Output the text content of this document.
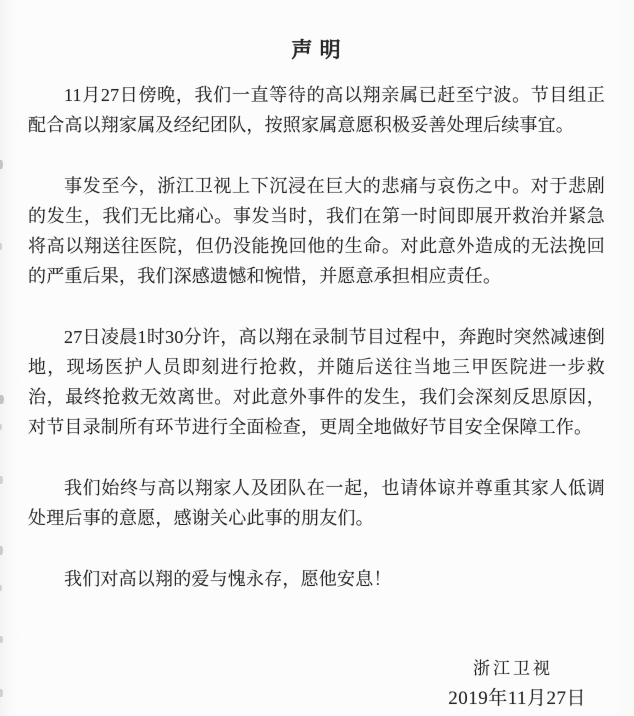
声 明

11月27日傍晚，我们一直等待的高以翔亲属已赶至宁波。节目组正配合高以翔家属及经纪团队，按照家属意愿积极妥善处理后续事宜。

事发至今，浙江卫视上下沉浸在巨大的悲痛与哀伤之中。对于悲剧的发生，我们无比痛心。事发当时，我们在第一时间即展开救治并紧急将高以翔送往医院，但仍没能挽回他的生命。对此意外造成的无法挽回的严重后果，我们深感遗憾和惋惜，并愿意承担相应责任。

27日凌晨1时30分许，高以翔在录制节目过程中，奔跑时突然减速倒地，现场医护人员即刻进行抢救，并随后送往当地三甲医院进一步救治，最终抢救无效离世。对此意外事件的发生，我们会深刻反思原因，对节目录制所有环节进行全面检查，更周全地做好节目安全保障工作。

我们始终与高以翔家人及团队在一起，也请体谅并尊重其家人低调处理后事的意愿，感谢关心此事的朋友们。

我们对高以翔的爱与愧永存，愿他安息！

浙江卫视
2019年11月27日
